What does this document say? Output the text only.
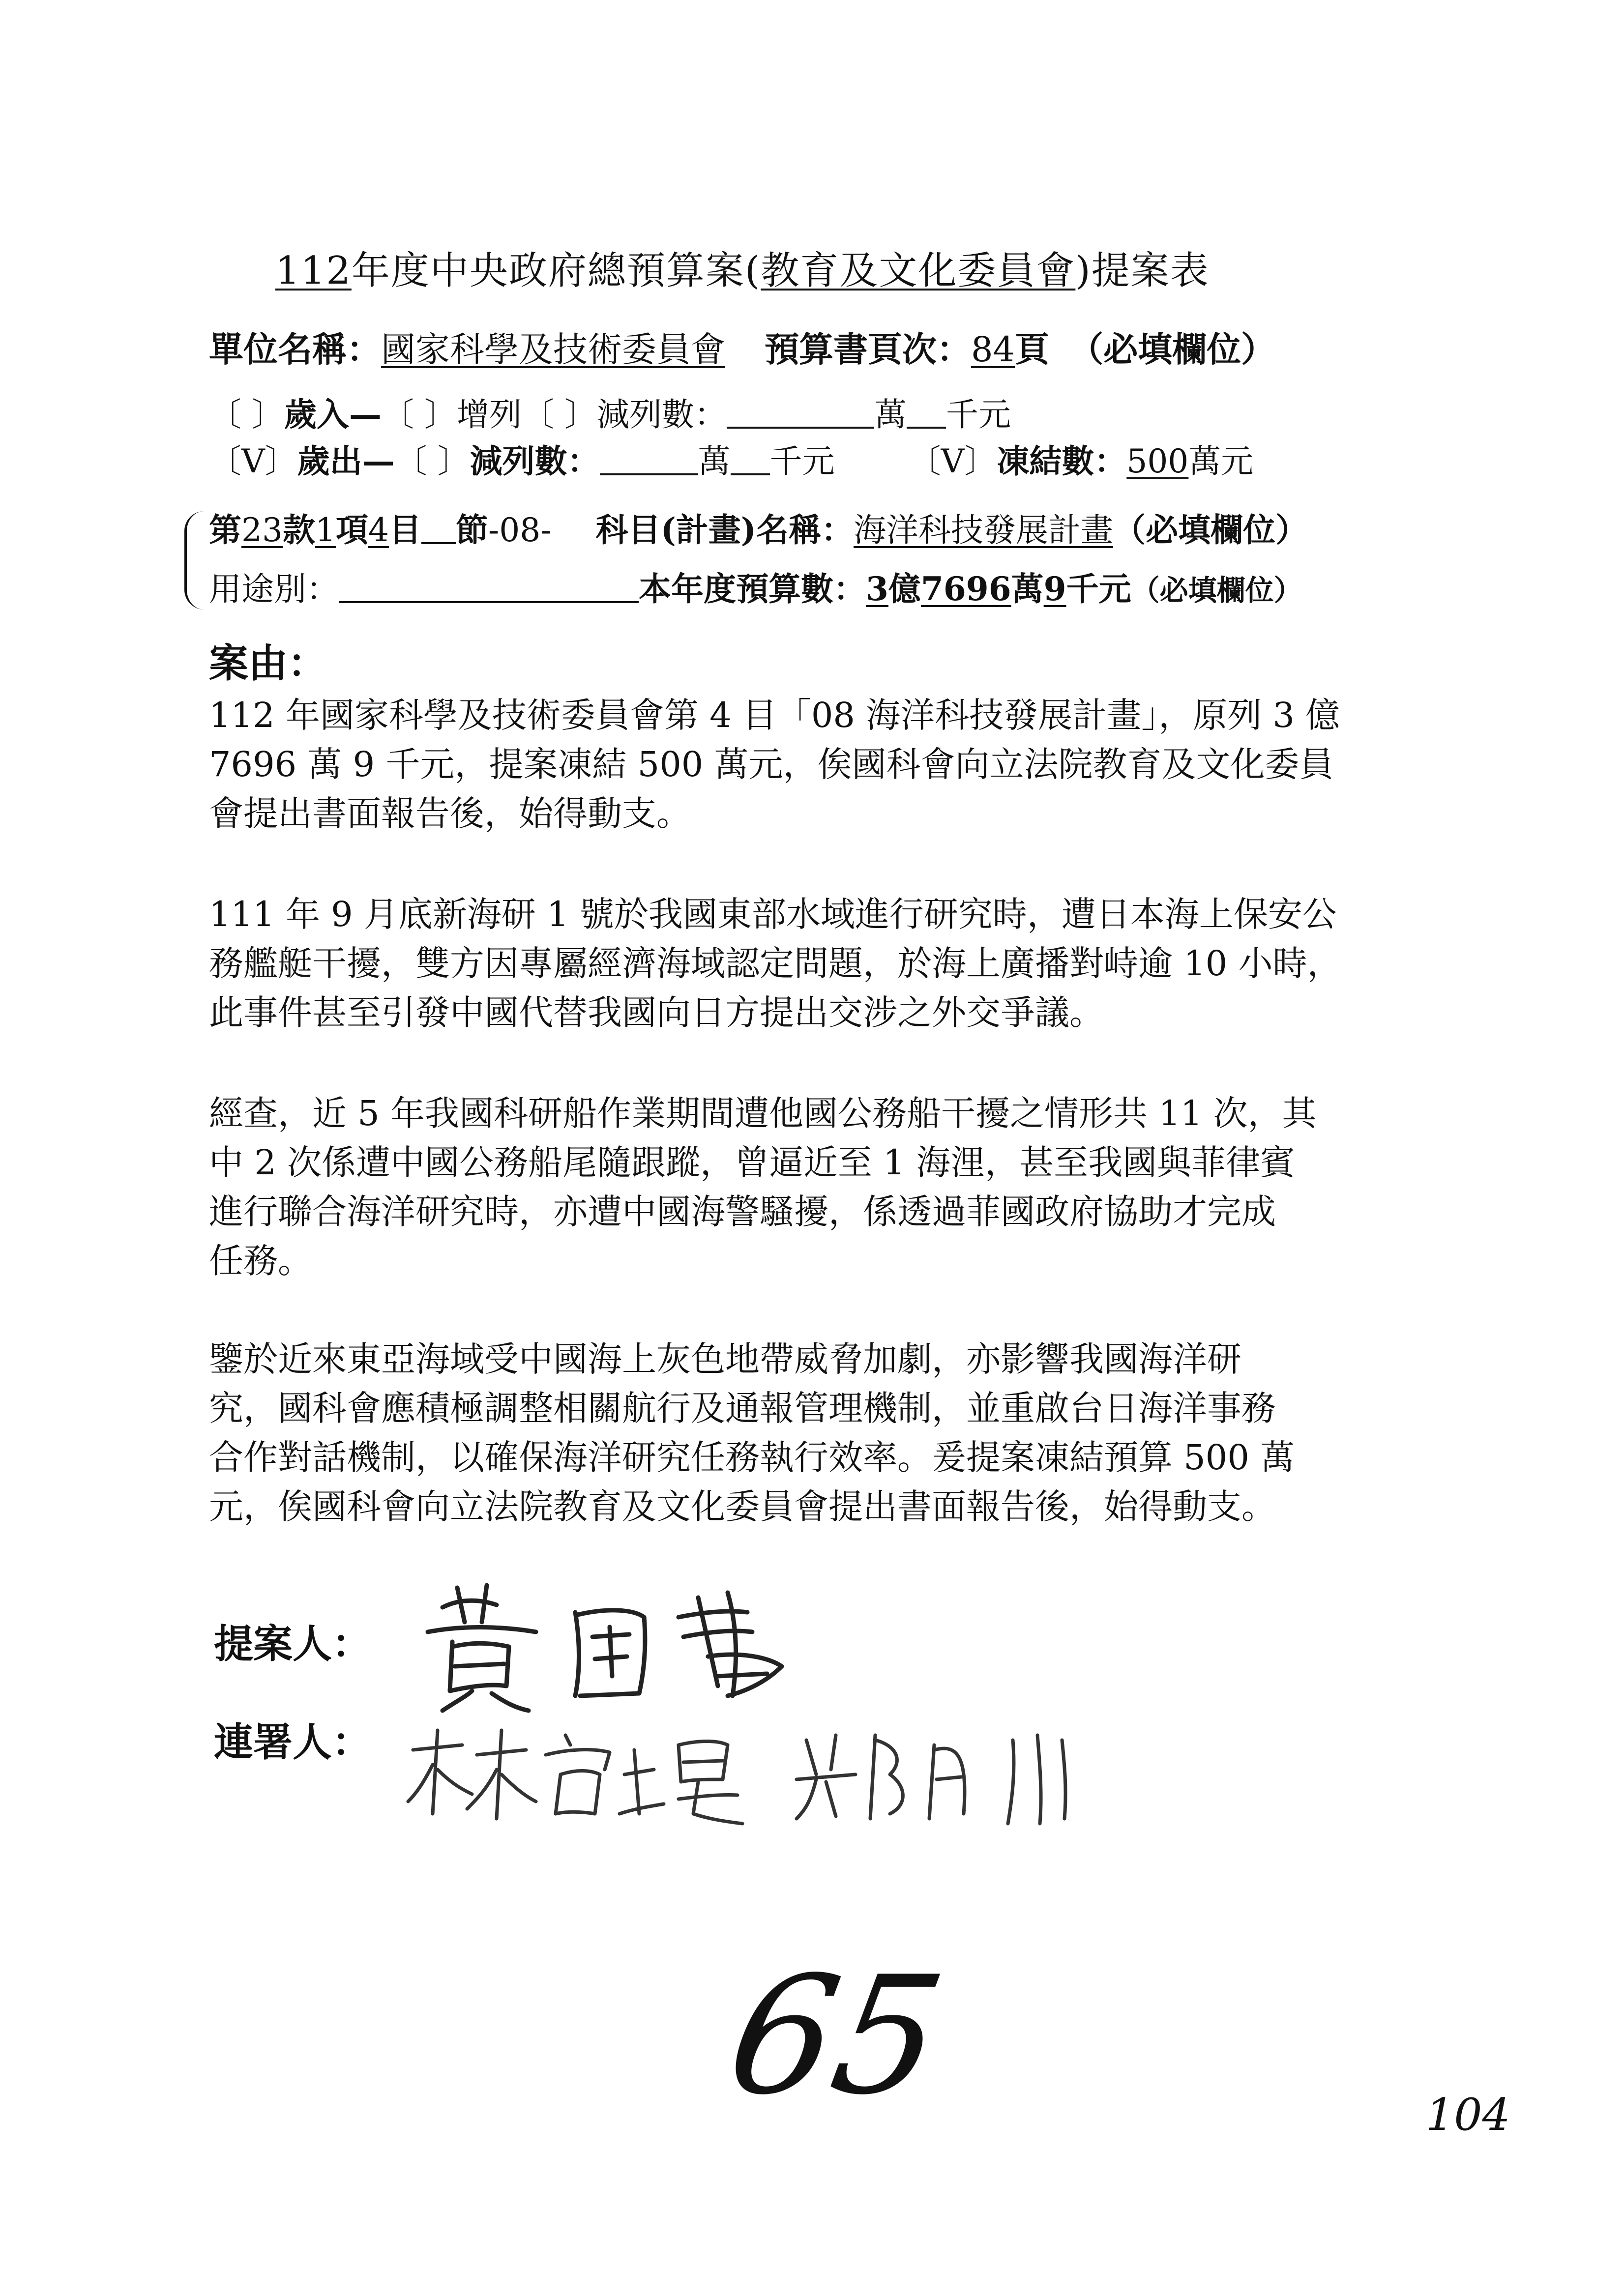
112年度中央政府總預算案(教育及文化委員會)提案表
單位名稱：國家科學及技術委員會 預算書頁次：84頁 （必填欄位）
〔 〕歲入—〔 〕增列〔 〕減列數：	萬 千元
〔V〕歲出—〔 〕減列數：	萬 千元 〔V〕凍結數：500萬元
第23款1項4目 節-08- 科目(計畫)名稱：海洋科技發展計畫（必填欄位）
用途別：	本年度預算數：3億7696萬9千元（必填欄位）
案由：
112 年國家科學及技術委員會第 4 目「08 海洋科技發展計畫」，原列 3 億
7696 萬 9 千元，提案凍結 500 萬元，俟國科會向立法院教育及文化委員
會提出書面報告後，始得動支。
111 年 9 月底新海研 1 號於我國東部水域進行研究時，遭日本海上保安公
務艦艇干擾，雙方因專屬經濟海域認定問題，於海上廣播對峙逾 10 小時，
此事件甚至引發中國代替我國向日方提出交涉之外交爭議。
經查，近 5 年我國科研船作業期間遭他國公務船干擾之情形共 11 次，其
中 2 次係遭中國公務船尾隨跟蹤，曾逼近至 1 海浬，甚至我國與菲律賓
進行聯合海洋研究時，亦遭中國海警騷擾，係透過菲國政府協助才完成
任務。
鑒於近來東亞海域受中國海上灰色地帶威脅加劇，亦影響我國海洋研
究，國科會應積極調整相關航行及通報管理機制，並重啟台日海洋事務
合作對話機制，以確保海洋研究任務執行效率。爰提案凍結預算 500 萬
元，俟國科會向立法院教育及文化委員會提出書面報告後，始得動支。
提案人：
連署人：
65	104
